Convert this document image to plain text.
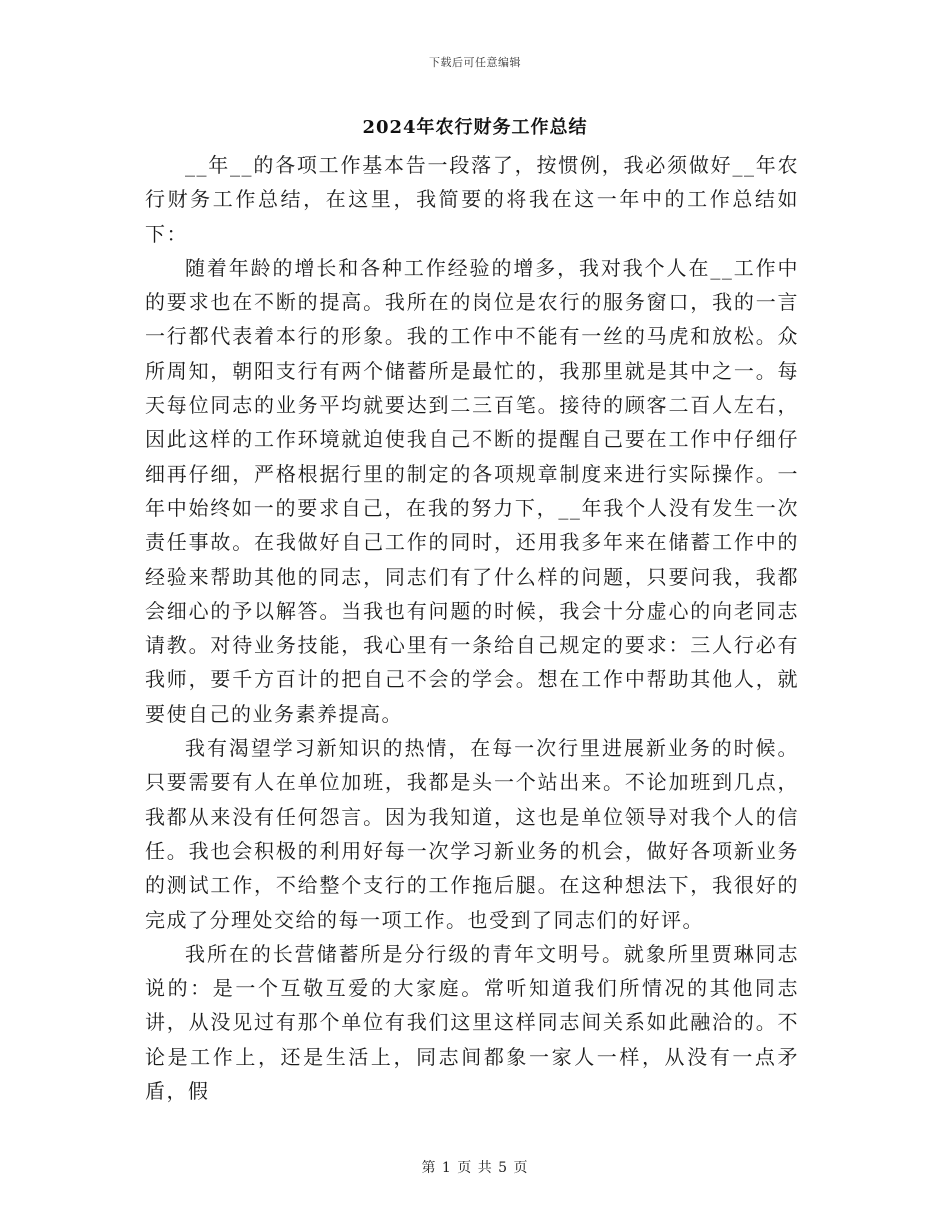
下载后可任意编辑
2024年农行财务工作总结

__年__的各项工作基本告一段落了，按惯例，我必须做好__年农行财务工作总结，在这里，我简要的将我在这一年中的工作总结如下：

随着年龄的增长和各种工作经验的增多，我对我个人在__工作中的要求也在不断的提高。我所在的岗位是农行的服务窗口，我的一言一行都代表着本行的形象。我的工作中不能有一丝的马虎和放松。众所周知，朝阳支行有两个储蓄所是最忙的，我那里就是其中之一。每天每位同志的业务平均就要达到二三百笔。接待的顾客二百人左右，因此这样的工作环境就迫使我自己不断的提醒自己要在工作中仔细仔细再仔细，严格根据行里的制定的各项规章制度来进行实际操作。一年中始终如一的要求自己，在我的努力下，__年我个人没有发生一次责任事故。在我做好自己工作的同时，还用我多年来在储蓄工作中的经验来帮助其他的同志，同志们有了什么样的问题，只要问我，我都会细心的予以解答。当我也有问题的时候，我会十分虚心的向老同志请教。对待业务技能，我心里有一条给自己规定的要求：三人行必有我师，要千方百计的把自己不会的学会。想在工作中帮助其他人，就要使自己的业务素养提高。

我有渴望学习新知识的热情，在每一次行里进展新业务的时候。只要需要有人在单位加班，我都是头一个站出来。不论加班到几点，我都从来没有任何怨言。因为我知道，这也是单位领导对我个人的信任。我也会积极的利用好每一次学习新业务的机会，做好各项新业务的测试工作，不给整个支行的工作拖后腿。在这种想法下，我很好的完成了分理处交给的每一项工作。也受到了同志们的好评。

我所在的长营储蓄所是分行级的青年文明号。就象所里贾琳同志说的：是一个互敬互爱的大家庭。常听知道我们所情况的其他同志讲，从没见过有那个单位有我们这里这样同志间关系如此融洽的。不论是工作上，还是生活上，同志间都象一家人一样，从没有一点矛盾，假

第 1 页 共 5 页
